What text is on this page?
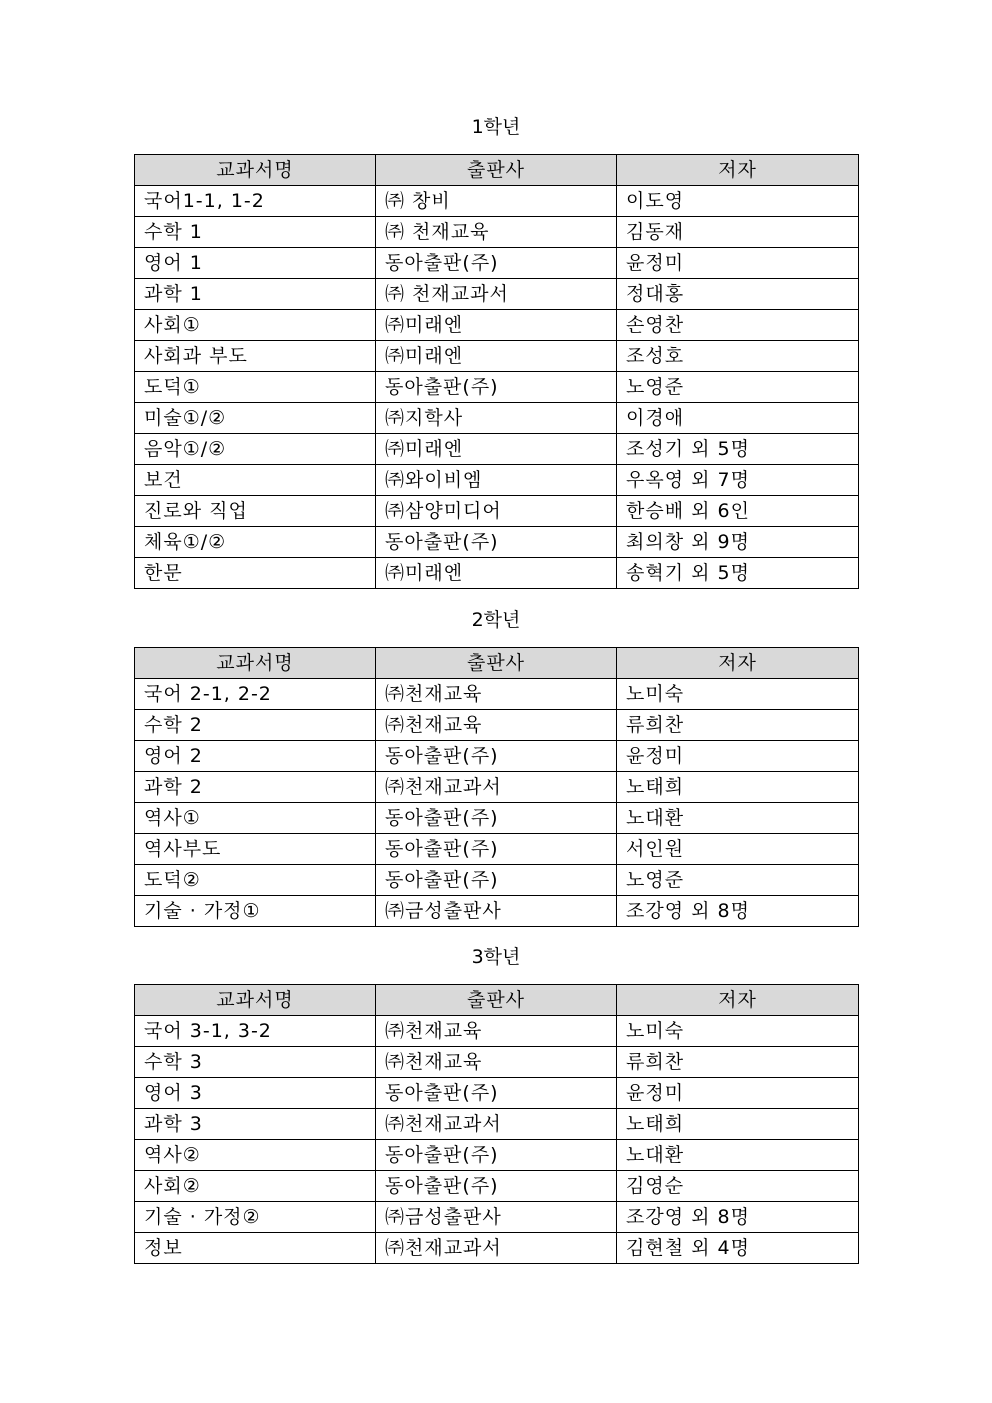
1학년
교과서명	출판사	저자
국어1-1, 1-2	㈜ 창비	이도영
수학 1	㈜ 천재교육	김동재
영어 1	동아출판(주)	윤정미
과학 1	㈜ 천재교과서	정대홍
사회①	㈜미래엔	손영찬
사회과 부도	㈜미래엔	조성호
도덕①	동아출판(주)	노영준
미술①/②	㈜지학사	이경애
음악①/②	㈜미래엔	조성기 외 5명
보건	㈜와이비엠	우옥영 외 7명
진로와 직업	㈜삼양미디어	한승배 외 6인
체육①/②	동아출판(주)	최의창 외 9명
한문	㈜미래엔	송혁기 외 5명
2학년
교과서명	출판사	저자
국어 2-1, 2-2	㈜천재교육	노미숙
수학 2	㈜천재교육	류희찬
영어 2	동아출판(주)	윤정미
과학 2	㈜천재교과서	노태희
역사①	동아출판(주)	노대환
역사부도	동아출판(주)	서인원
도덕②	동아출판(주)	노영준
기술 · 가정①	㈜금성출판사	조강영 외 8명
3학년
교과서명	출판사	저자
국어 3-1, 3-2	㈜천재교육	노미숙
수학 3	㈜천재교육	류희찬
영어 3	동아출판(주)	윤정미
과학 3	㈜천재교과서	노태희
역사②	동아출판(주)	노대환
사회②	동아출판(주)	김영순
기술 · 가정②	㈜금성출판사	조강영 외 8명
정보	㈜천재교과서	김현철 외 4명
